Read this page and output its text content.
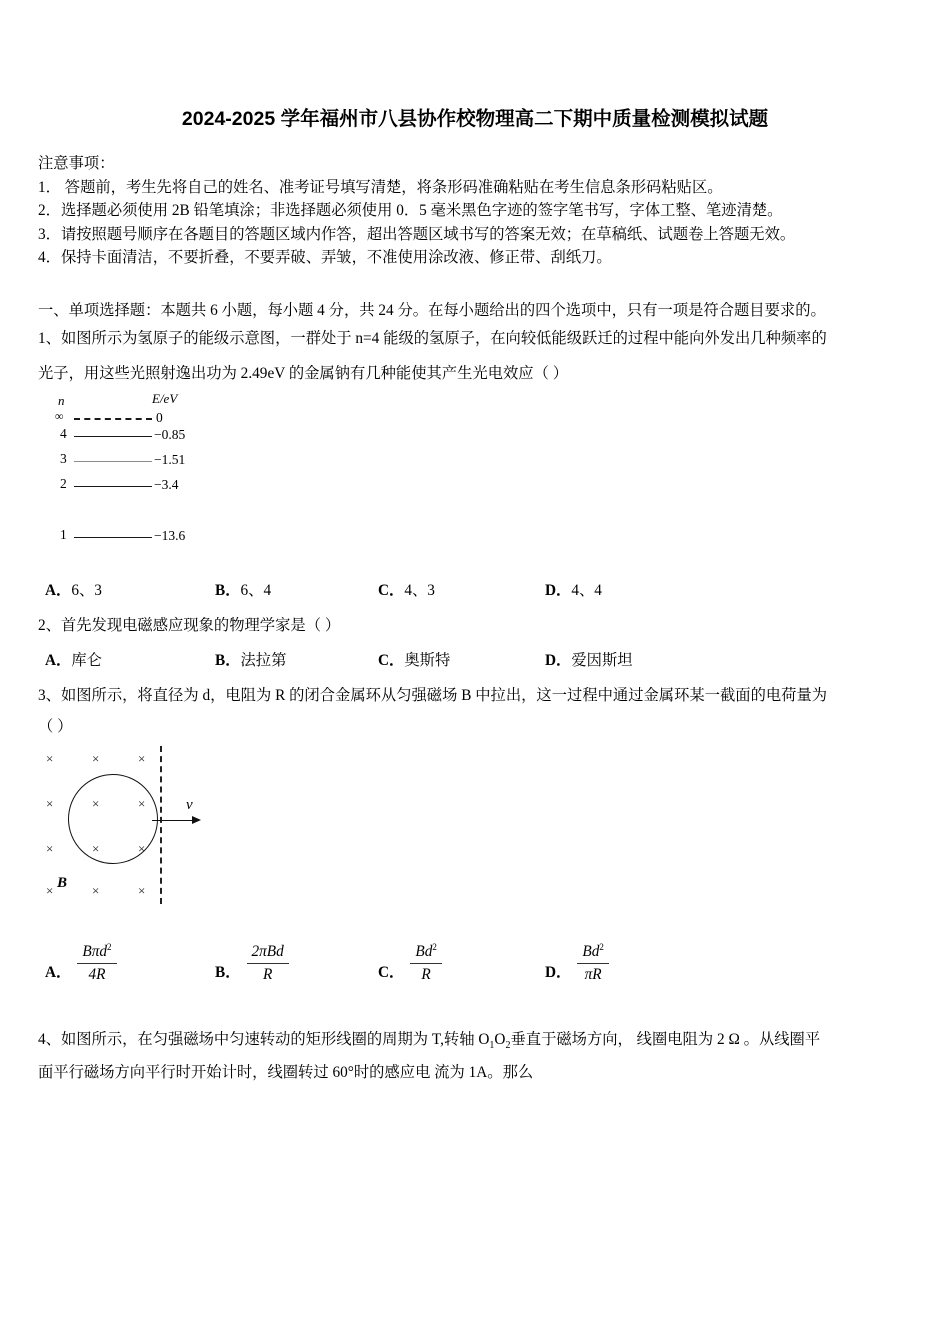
2024-2025 学年福州市八县协作校物理高二下期中质量检测模拟试题
注意事项：
1． 答题前，考生先将自己的姓名、准考证号填写清楚，将条形码准确粘贴在考生信息条形码粘贴区。
2．选择题必须使用 2B 铅笔填涂；非选择题必须使用 0．5 毫米黑色字迹的签字笔书写，字体工整、笔迹清楚。
3．请按照题号顺序在各题目的答题区域内作答，超出答题区域书写的答案无效；在草稿纸、试题卷上答题无效。
4．保持卡面清洁，不要折叠，不要弄破、弄皱，不准使用涂改液、修正带、刮纸刀。
一、单项选择题：本题共 6 小题，每小题 4 分，共 24 分。在每小题给出的四个选项中，只有一项是符合题目要求的。
1、如图所示为氢原子的能级示意图，一群处于 n=4 能级的氢原子，在向较低能级跃迁的过程中能向外发出几种频率的
光子，用这些光照射逸出功为 2.49eV 的金属钠有几种能使其产生光电效应（ ）
n	E/eV
∞	0
4	−0.85
3	−1.51
2	−3.4
1	−13.6
A．6、3	B．6、4	C．4、3	D．4、4
2、首先发现电磁感应现象的物理学家是（ ）
A．库仑	B．法拉第	C．奥斯特	D．爱因斯坦
3、如图所示，将直径为 d，电阻为 R 的闭合金属环从匀强磁场 B 中拉出，这一过程中通过金属环某一截面的电荷量为
（ ）
×	×	×
×	×	×
×	×	×
×	×	×
v
B
A． $\frac{B\pi d^2}{4R}$	B． $\frac{\text{2πBd}}{R}$	C． $\frac{Bd^2}{R}$	D． $\frac{Bd^2}{\pi R}$
4、如图所示，在匀强磁场中匀速转动的矩形线圈的周期为 T,转轴 $O_1O_2$垂直于磁场方向， 线圈电阻为 2 Ω 。从线圈平
面平行磁场方向平行时开始计时，线圈转过 60°时的感应电 流为 1A。那么
